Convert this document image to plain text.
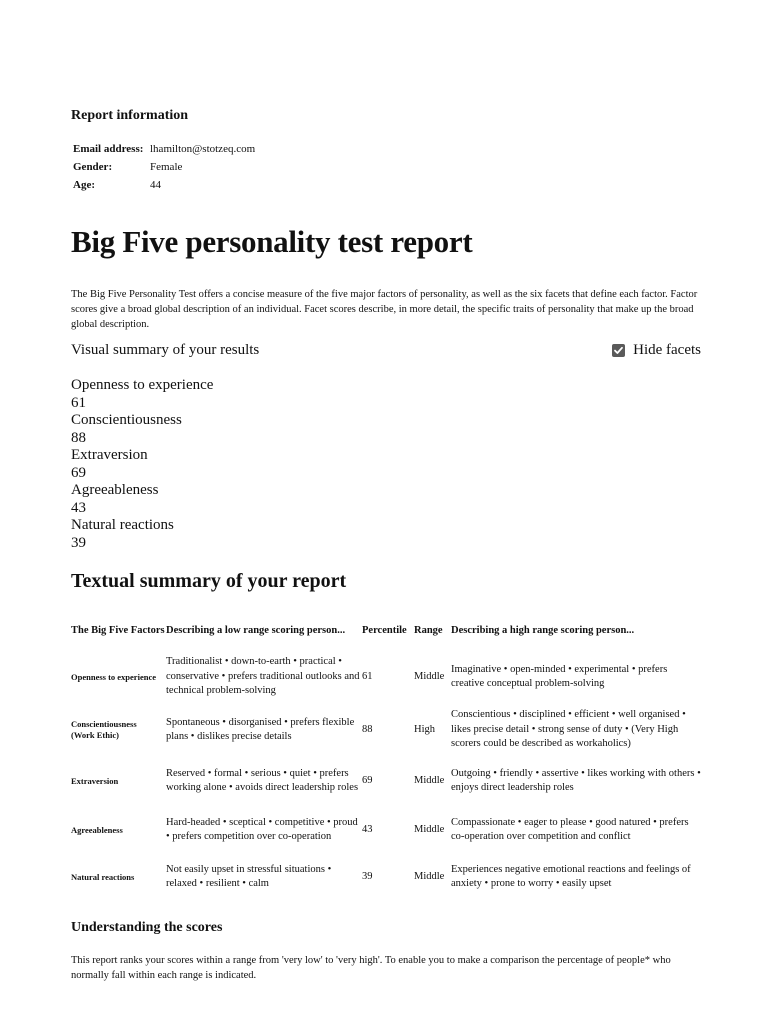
Report information
Email address:	lhamilton@stotzeq.com
Gender:	Female
Age:	44
Big Five personality test report
The Big Five Personality Test offers a concise measure of the five major factors of personality, as well as the six facets that define each factor. Factor scores give a broad global description of an individual. Facet scores describe, in more detail, the specific traits of personality that make up the broad global description.
Visual summary of your results	Hide facets
Openness to experience
61
Conscientiousness
88
Extraversion
69
Agreeableness
43
Natural reactions
39
Textual summary of your report
The Big Five Factors	Describing a low range scoring person...	Percentile	Range	Describing a high range scoring person...
Openness to experience	Traditionalist • down-to-earth • practical • conservative • prefers traditional outlooks and technical problem-solving	61	Middle	Imaginative • open-minded • experimental • prefers creative conceptual problem-solving
Conscientiousness (Work Ethic)	Spontaneous • disorganised • prefers flexible plans • dislikes precise details	88	High	Conscientious • disciplined • efficient • well organised • likes precise detail • strong sense of duty • (Very High scorers could be described as workaholics)
Extraversion	Reserved • formal • serious • quiet • prefers working alone • avoids direct leadership roles	69	Middle	Outgoing • friendly • assertive • likes working with others • enjoys direct leadership roles
Agreeableness	Hard-headed • sceptical • competitive • proud • prefers competition over co-operation	43	Middle	Compassionate • eager to please • good natured • prefers co-operation over competition and conflict
Natural reactions	Not easily upset in stressful situations • relaxed • resilient • calm	39	Middle	Experiences negative emotional reactions and feelings of anxiety • prone to worry • easily upset
Understanding the scores
This report ranks your scores within a range from 'very low' to 'very high'. To enable you to make a comparison the percentage of people* who normally fall within each range is indicated.
